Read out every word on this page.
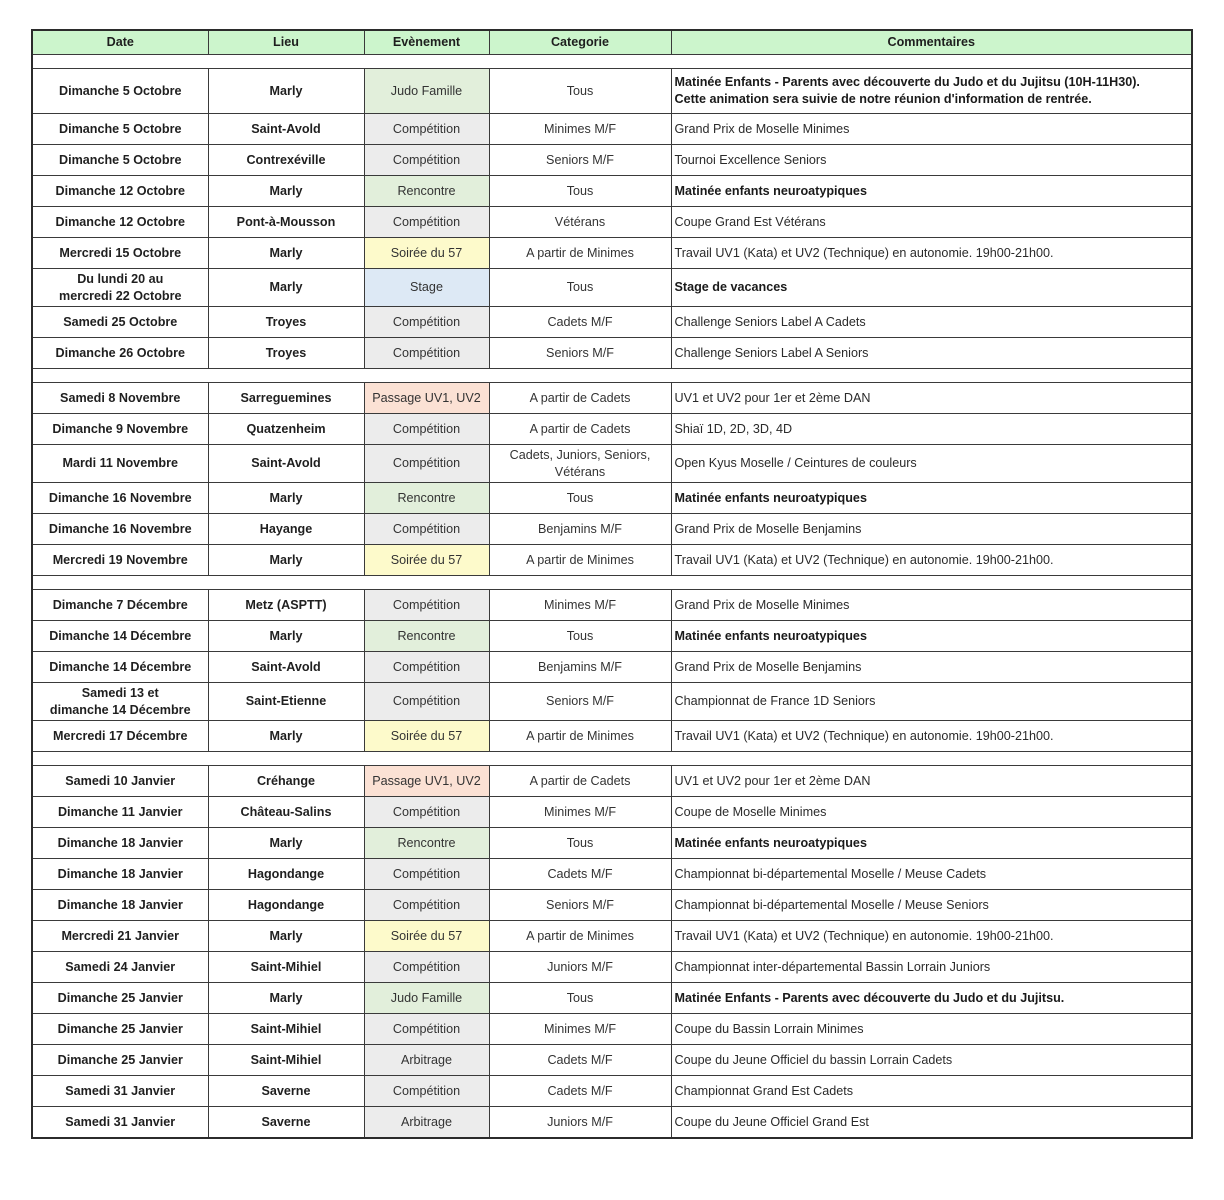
Date	Lieu	Evènement	Categorie	Commentaires

Dimanche 5 Octobre	Marly	Judo Famille	Tous	Matinée Enfants - Parents avec découverte du Judo et du Jujitsu (10H-11H30).
Cette animation sera suivie de notre réunion d'information de rentrée.
Dimanche 5 Octobre	Saint-Avold	Compétition	Minimes M/F	Grand Prix de Moselle Minimes
Dimanche 5 Octobre	Contrexéville	Compétition	Seniors M/F	Tournoi Excellence Seniors
Dimanche 12 Octobre	Marly	Rencontre	Tous	Matinée enfants neuroatypiques
Dimanche 12 Octobre	Pont-à-Mousson	Compétition	Vétérans	Coupe Grand Est Vétérans
Mercredi 15 Octobre	Marly	Soirée du 57	A partir de Minimes	Travail UV1 (Kata) et UV2 (Technique) en autonomie. 19h00-21h00.
Du lundi 20 au
mercredi 22 Octobre	Marly	Stage	Tous	Stage de vacances
Samedi 25 Octobre	Troyes	Compétition	Cadets M/F	Challenge Seniors Label A Cadets
Dimanche 26 Octobre	Troyes	Compétition	Seniors M/F	Challenge Seniors Label A Seniors

Samedi 8 Novembre	Sarreguemines	Passage UV1, UV2	A partir de Cadets	UV1 et UV2 pour 1er et 2ème DAN
Dimanche 9 Novembre	Quatzenheim	Compétition	A partir de Cadets	Shiaï 1D, 2D, 3D, 4D
Mardi 11 Novembre	Saint-Avold	Compétition	Cadets, Juniors, Seniors,
Vétérans	Open Kyus Moselle / Ceintures de couleurs
Dimanche 16 Novembre	Marly	Rencontre	Tous	Matinée enfants neuroatypiques
Dimanche 16 Novembre	Hayange	Compétition	Benjamins M/F	Grand Prix de Moselle Benjamins
Mercredi 19 Novembre	Marly	Soirée du 57	A partir de Minimes	Travail UV1 (Kata) et UV2 (Technique) en autonomie. 19h00-21h00.

Dimanche 7 Décembre	Metz (ASPTT)	Compétition	Minimes M/F	Grand Prix de Moselle Minimes
Dimanche 14 Décembre	Marly	Rencontre	Tous	Matinée enfants neuroatypiques
Dimanche 14 Décembre	Saint-Avold	Compétition	Benjamins M/F	Grand Prix de Moselle Benjamins
Samedi 13 et
dimanche 14 Décembre	Saint-Etienne	Compétition	Seniors M/F	Championnat de France 1D Seniors
Mercredi 17 Décembre	Marly	Soirée du 57	A partir de Minimes	Travail UV1 (Kata) et UV2 (Technique) en autonomie. 19h00-21h00.

Samedi 10 Janvier	Créhange	Passage UV1, UV2	A partir de Cadets	UV1 et UV2 pour 1er et 2ème DAN
Dimanche 11 Janvier	Château-Salins	Compétition	Minimes M/F	Coupe de Moselle Minimes
Dimanche 18 Janvier	Marly	Rencontre	Tous	Matinée enfants neuroatypiques
Dimanche 18 Janvier	Hagondange	Compétition	Cadets M/F	Championnat bi-départemental Moselle / Meuse Cadets
Dimanche 18 Janvier	Hagondange	Compétition	Seniors M/F	Championnat bi-départemental Moselle / Meuse Seniors
Mercredi 21 Janvier	Marly	Soirée du 57	A partir de Minimes	Travail UV1 (Kata) et UV2 (Technique) en autonomie. 19h00-21h00.
Samedi 24 Janvier	Saint-Mihiel	Compétition	Juniors M/F	Championnat inter-départemental Bassin Lorrain Juniors
Dimanche 25 Janvier	Marly	Judo Famille	Tous	Matinée Enfants - Parents avec découverte du Judo et du Jujitsu.
Dimanche 25 Janvier	Saint-Mihiel	Compétition	Minimes M/F	Coupe du Bassin Lorrain Minimes
Dimanche 25 Janvier	Saint-Mihiel	Arbitrage	Cadets M/F	Coupe du Jeune Officiel du bassin Lorrain Cadets
Samedi 31 Janvier	Saverne	Compétition	Cadets M/F	Championnat Grand Est Cadets
Samedi 31 Janvier	Saverne	Arbitrage	Juniors M/F	Coupe du Jeune Officiel Grand Est
